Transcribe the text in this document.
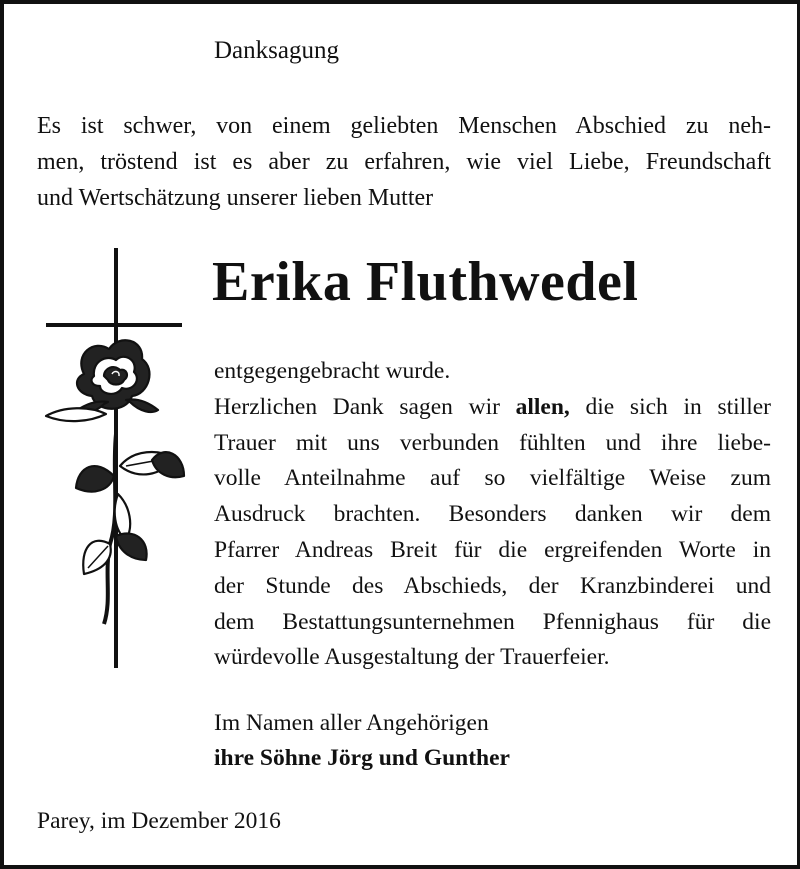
Danksagung
Es ist schwer, von einem geliebten Menschen Abschied zu neh-
men, tröstend ist es aber zu erfahren, wie viel Liebe, Freundschaft
und Wertschätzung unserer lieben Mutter
Erika Fluthwedel
entgegengebracht wurde.
Herzlichen Dank sagen wir allen, die sich in stiller
Trauer mit uns verbunden fühlten und ihre liebe-
volle Anteilnahme auf so vielfältige Weise zum
Ausdruck brachten. Besonders danken wir dem
Pfarrer Andreas Breit für die ergreifenden Worte in
der Stunde des Abschieds, der Kranzbinderei und
dem Bestattungsunternehmen Pfennighaus für die
würdevolle Ausgestaltung der Trauerfeier.
Im Namen aller Angehörigen
ihre Söhne Jörg und Gunther
Parey, im Dezember 2016
